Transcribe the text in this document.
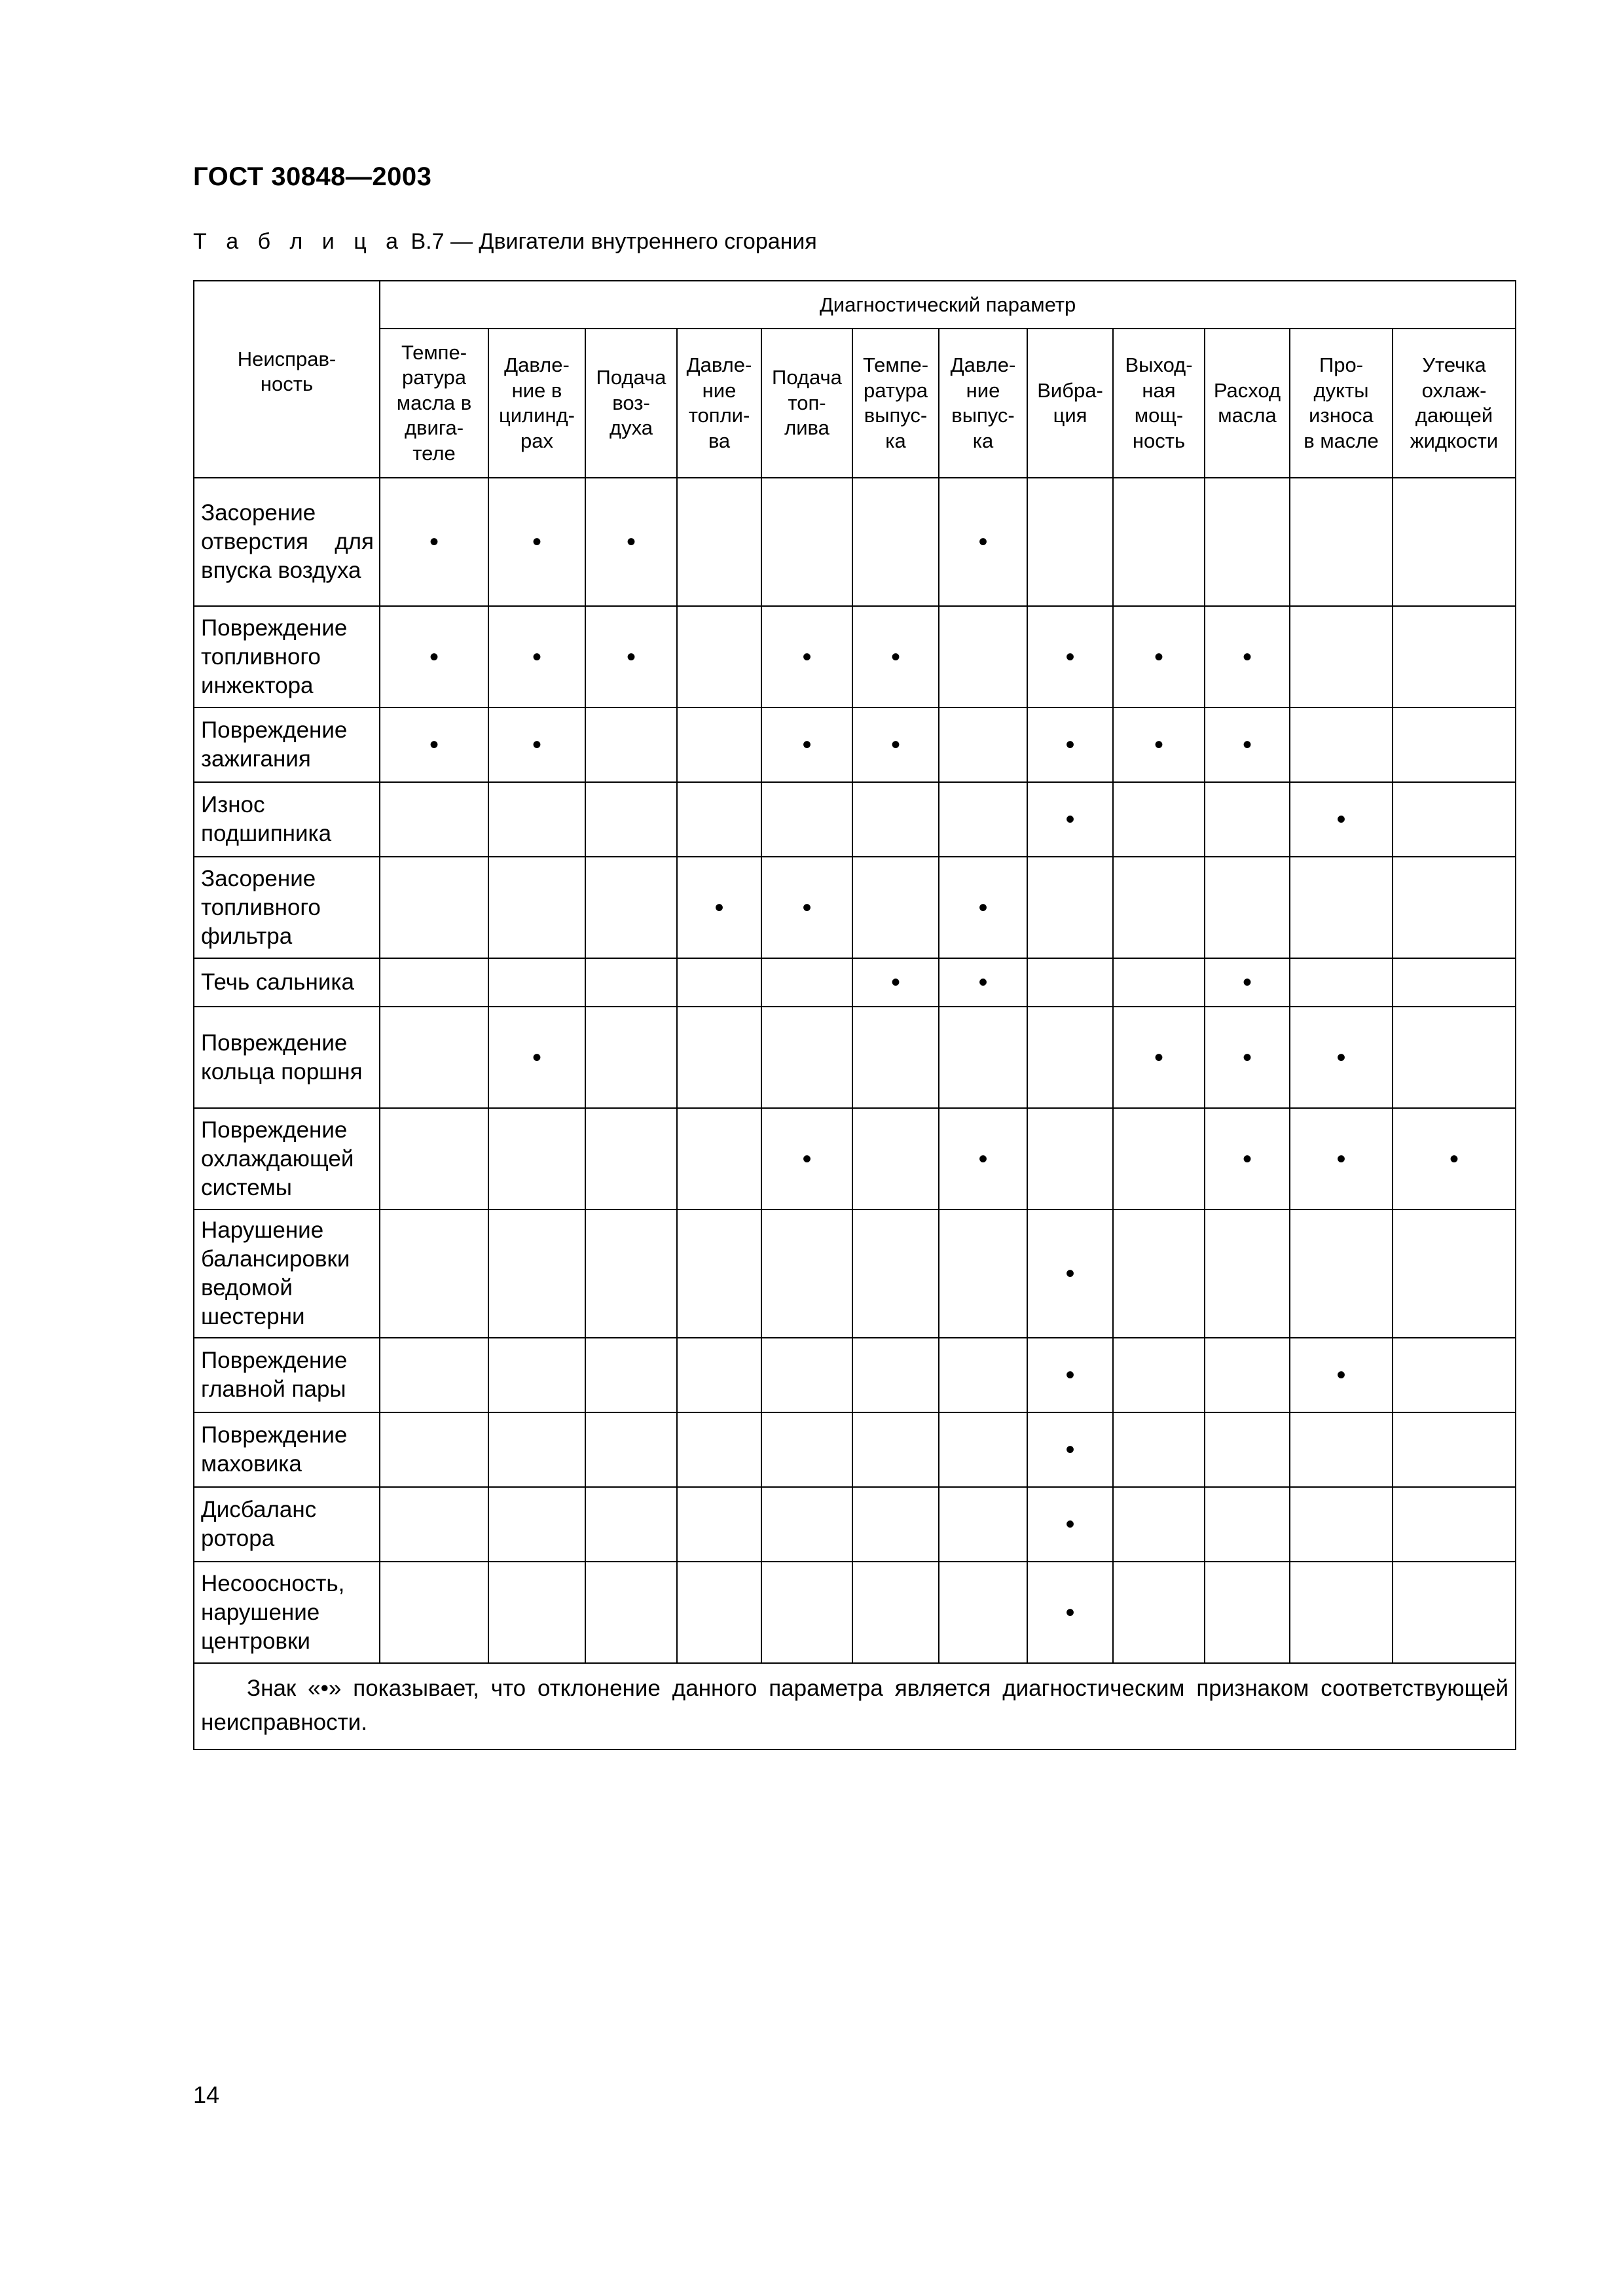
ГОСТ 30848—2003
Т а б л и ц а В.7 — Двигатели внутреннего сгорания
Неисправ-
ность	Диагностический параметр											
	Темпе-
ратура
масла в
двига-
теле	Давле-
ние в
цилинд-
рах	Подача
воз-
духа	Давле-
ние
топли-
ва	Подача
топ-
лива	Темпе-
ратура
выпус-
ка	Давле-
ние
выпус-
ка	Вибра-
ция	Выход-
ная
мощ-
ность	Расход
масла	Про-
дукты
износа
в масле	Утечка
охлаж-
дающей
жидкости
Засорение отверстия для впуска воздуха	•	•	•				•					
Повреждение топливного инжектора	•	•	•		•	•		•	•	•		
Повреждение зажигания	•	•			•	•		•	•	•		
Износ подшипника								•			•	
Засорение топливного фильтра				•	•		•					
Течь сальника						•	•			•		
Повреждение кольца поршня		•							•	•	•	
Повреждение охлаждающей системы					•		•			•	•	•
Нарушение балансировки ведомой шестерни								•				
Повреждение главной пары								•			•	
Повреждение маховика								•				
Дисбаланс ротора								•				
Несоосность, нарушение центровки								•				
Знак «•» показывает, что отклонение данного параметра является диагностическим признаком соответствующей неисправности.												
14
